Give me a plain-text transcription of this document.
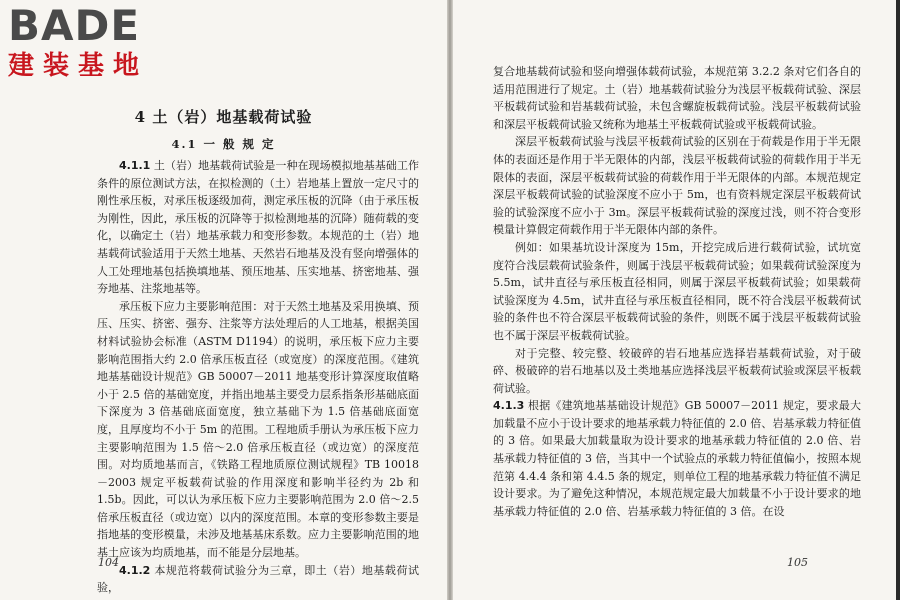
BADE
建装基地
4 土（岩）地基载荷试验
4.1 一 般 规 定

4.1.1 土（岩）地基载荷试验是一种在现场模拟地基基础工作条件的原位测试方法，在拟检测的（土）岩地基上置放一定尺寸的刚性承压板，对承压板逐级加荷，测定承压板的沉降（由于承压板为刚性，因此，承压板的沉降等于拟检测地基的沉降）随荷载的变化，以确定土（岩）地基承载力和变形参数。本规范的土（岩）地基载荷试验适用于天然土地基、天然岩石地基及没有竖向增强体的人工处理地基包括换填地基、预压地基、压实地基、挤密地基、强夯地基、注浆地基等。

承压板下应力主要影响范围：对于天然土地基及采用换填、预压、压实、挤密、强夯、注浆等方法处理后的人工地基，根据美国材料试验协会标准（ASTM D1194）的说明，承压板下应力主要影响范围指大约 2.0 倍承压板直径（或宽度）的深度范围。《建筑地基基础设计规范》GB 50007－2011 地基变形计算深度取值略小于 2.5 倍的基础宽度，并指出地基主要受力层系指条形基础底面下深度为 3 倍基础底面宽度，独立基础下为 1.5 倍基础底面宽度，且厚度均不小于 5m 的范围。工程地质手册认为承压板下应力主要影响范围为 1.5 倍～2.0 倍承压板直径（或边宽）的深度范围。对均质地基而言，《铁路工程地质原位测试规程》TB 10018－2003 规定平板载荷试验的作用深度和影响半径约为 2b 和 1.5b。因此，可以认为承压板下应力主要影响范围为 2.0 倍～2.5 倍承压板直径（或边宽）以内的深度范围。本章的变形参数主要是指地基的变形模量，未涉及地基基床系数。应力主要影响范围的地基土应该为均质地基，而不能是分层地基。

4.1.2 本规范将载荷试验分为三章，即土（岩）地基载荷试验，

104

复合地基载荷试验和竖向增强体载荷试验，本规范第 3.2.2 条对它们各自的适用范围进行了规定。土（岩）地基载荷试验分为浅层平板载荷试验、深层平板载荷试验和岩基载荷试验，未包含螺旋板载荷试验。浅层平板载荷试验和深层平板载荷试验又统称为地基土平板载荷试验或平板载荷试验。

深层平板载荷试验与浅层平板载荷试验的区别在于荷载是作用于半无限体的表面还是作用于半无限体的内部，浅层平板载荷试验的荷载作用于半无限体的表面，深层平板载荷试验的荷载作用于半无限体的内部。本规范规定深层平板载荷试验的试验深度不应小于 5m，也有资料规定深层平板载荷试验的试验深度不应小于 3m。深层平板载荷试验的深度过浅，则不符合变形模量计算假定荷载作用于半无限体内部的条件。

例如：如果基坑设计深度为 15m，开挖完成后进行载荷试验，试坑宽度符合浅层载荷试验条件，则属于浅层平板载荷试验；如果载荷试验深度为 5.5m，试井直径与承压板直径相同，则属于深层平板载荷试验；如果载荷试验深度为 4.5m，试井直径与承压板直径相同，既不符合浅层平板载荷试验的条件也不符合深层平板载荷试验的条件，则既不属于浅层平板载荷试验也不属于深层平板载荷试验。

对于完整、较完整、较破碎的岩石地基应选择岩基载荷试验，对于破碎、极破碎的岩石地基以及土类地基应选择浅层平板载荷试验或深层平板载荷试验。

4.1.3 根据《建筑地基基础设计规范》GB 50007－2011 规定，要求最大加载量不应小于设计要求的地基承载力特征值的 2.0 倍、岩基承载力特征值的 3 倍。如果最大加载量取为设计要求的地基承载力特征值的 2.0 倍、岩基承载力特征值的 3 倍，当其中一个试验点的承载力特征值偏小，按照本规范第 4.4.4 条和第 4.4.5 条的规定，则单位工程的地基承载力特征值不满足设计要求。为了避免这种情况，本规范规定最大加载量不小于设计要求的地基承载力特征值的 2.0 倍、岩基承载力特征值的 3 倍。在设

105
